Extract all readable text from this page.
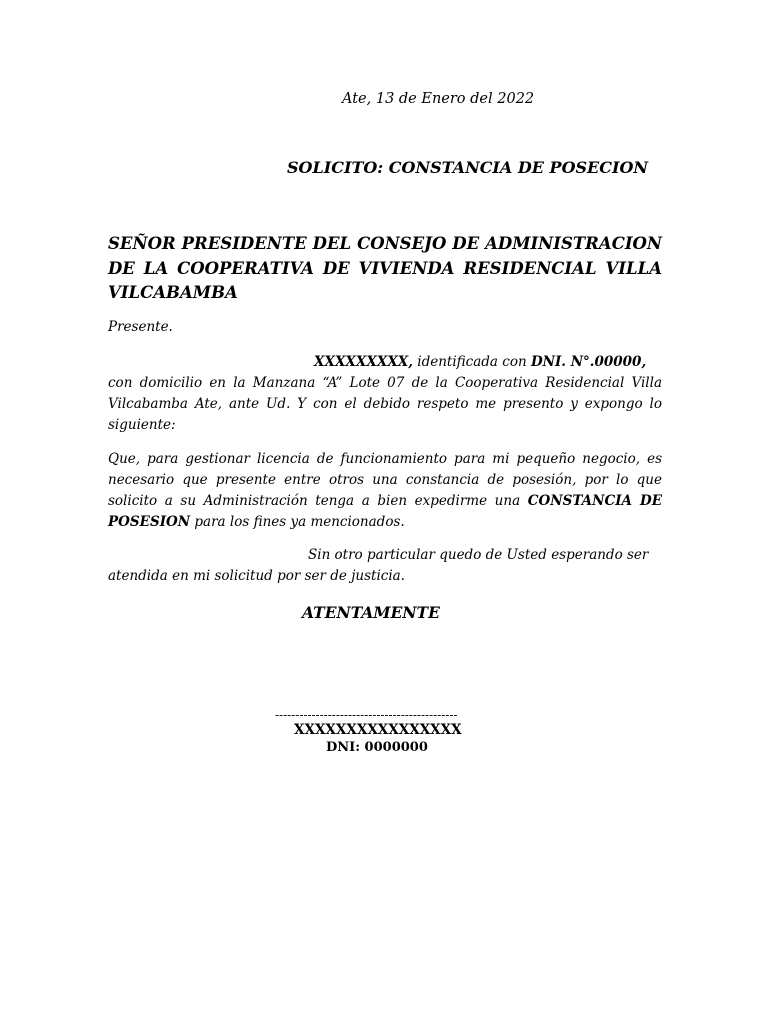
Ate, 13 de Enero del 2022
SOLICITO: CONSTANCIA DE POSECION
SEÑOR PRESIDENTE DEL CONSEJO DE ADMINISTRACION
DE LA COOPERATIVA DE VIVIENDA RESIDENCIAL VILLA
VILCABAMBA
Presente.
XXXXXXXXX, identificada con DNI. N°.00000,
con domicilio en la Manzana “A” Lote 07 de la Cooperativa Residencial Villa
Vilcabamba Ate, ante Ud. Y con el debido respeto me presento y expongo lo
siguiente:
Que, para gestionar licencia de funcionamiento para mi pequeño negocio, es
necesario que presente entre otros una constancia de posesión, por lo que
solicito a su Administración tenga a bien expedirme una CONSTANCIA DE
POSESION para los fines ya mencionados.
Sin otro particular quedo de Usted esperando ser
atendida en mi solicitud por ser de justicia.
ATENTAMENTE
---------------------------------------------
XXXXXXXXXXXXXXXX
DNI: 0000000
